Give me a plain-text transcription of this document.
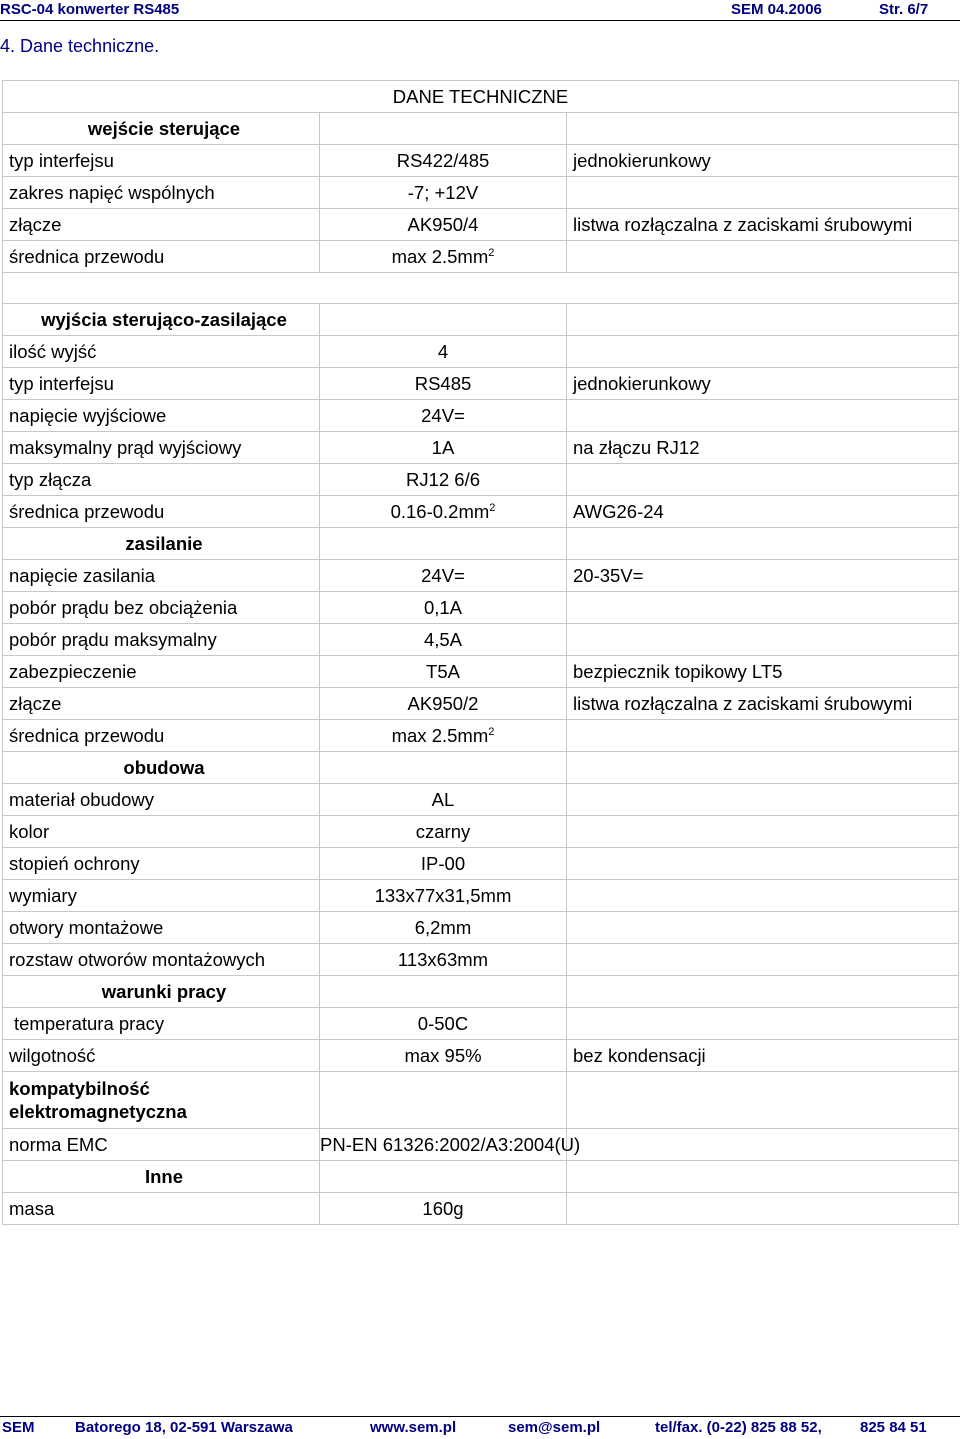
RSC-04 konwerter RS485	SEM 04.2006	Str. 6/7
4. Dane techniczne.
DANE TECHNICZNE		
wejście sterujące		
typ interfejsu	RS422/485	jednokierunkowy
zakres napięć wspólnych	-7; +12V	
złącze	AK950/4	listwa rozłączalna z zaciskami śrubowymi
średnica przewodu	$\max 2.5mm^2$	

wyjścia sterująco-zasilające		
ilość wyjść	4	
typ interfejsu	RS485	jednokierunkowy
napięcie wyjściowe	24V=	
maksymalny prąd wyjściowy	1A	na złączu RJ12
typ złącza	RJ12 6/6	
średnica przewodu	$0.16-0.2mm^2$	AWG26-24
zasilanie		
napięcie zasilania	24V=	20-35V=
pobór prądu bez obciążenia	0,1A	
pobór prądu maksymalny	4,5A	
zabezpieczenie	T5A	bezpiecznik topikowy LT5
złącze	AK950/2	listwa rozłączalna z zaciskami śrubowymi
średnica przewodu	$\max 2.5mm^2$	
obudowa		
materiał obudowy	AL	
kolor	czarny	
stopień ochrony	IP-00	
wymiary	133x77x31,5mm	
otwory montażowe	6,2mm	
rozstaw otworów montażowych	113x63mm	
warunki pracy		
temperatura pracy	0-50C	
wilgotność	max 95%	bez kondensacji
kompatybilność elektromagnetyczna		
norma EMC	PN-EN 61326:2002/A3:2004(U)	
Inne		
masa	160g	
SEM	Batorego 18, 02-591 Warszawa	www.sem.pl	sem@sem.pl	tel/fax. (0-22) 825 88 52,	825 84 51
